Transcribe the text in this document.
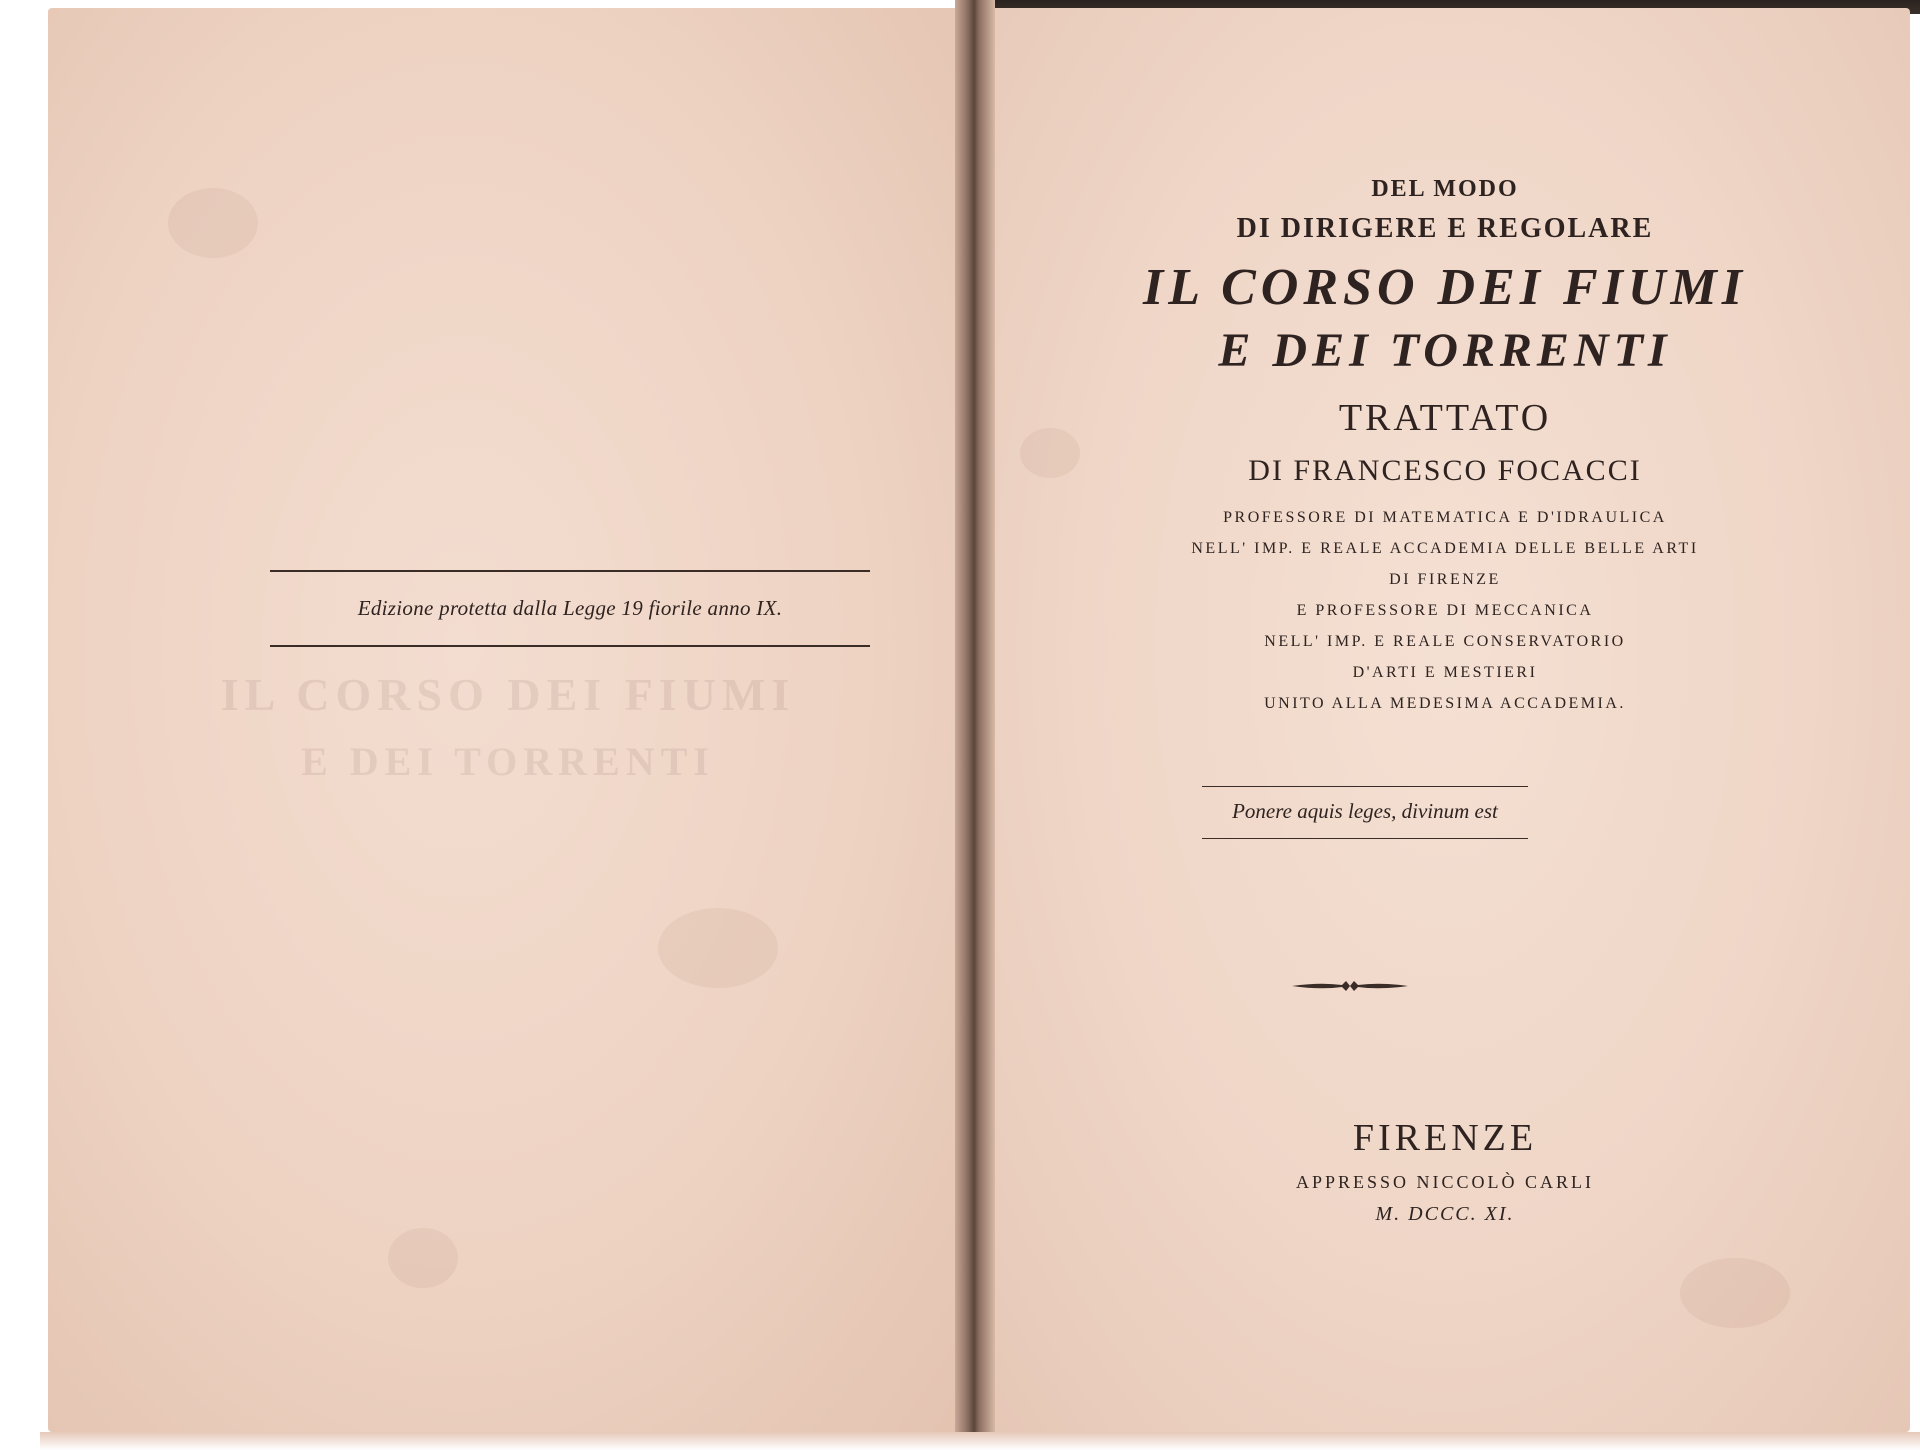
IL CORSO DEI FIUMI
E DEI TORRENTI
Edizione protetta dalla Legge 19 fiorile anno IX.
DEL MODO
DI DIRIGERE E REGOLARE
IL CORSO DEI FIUMI
E DEI TORRENTI
TRATTATO
DI FRANCESCO FOCACCI
PROFESSORE DI MATEMATICA E D'IDRAULICA
NELL' IMP. E REALE ACCADEMIA DELLE BELLE ARTI
DI FIRENZE
E PROFESSORE DI MECCANICA
NELL' IMP. E REALE CONSERVATORIO
D'ARTI E MESTIERI
UNITO ALLA MEDESIMA ACCADEMIA.
Ponere aquis leges, divinum est
FIRENZE
APPRESSO NICCOLÒ CARLI
M. DCCC. XI.
